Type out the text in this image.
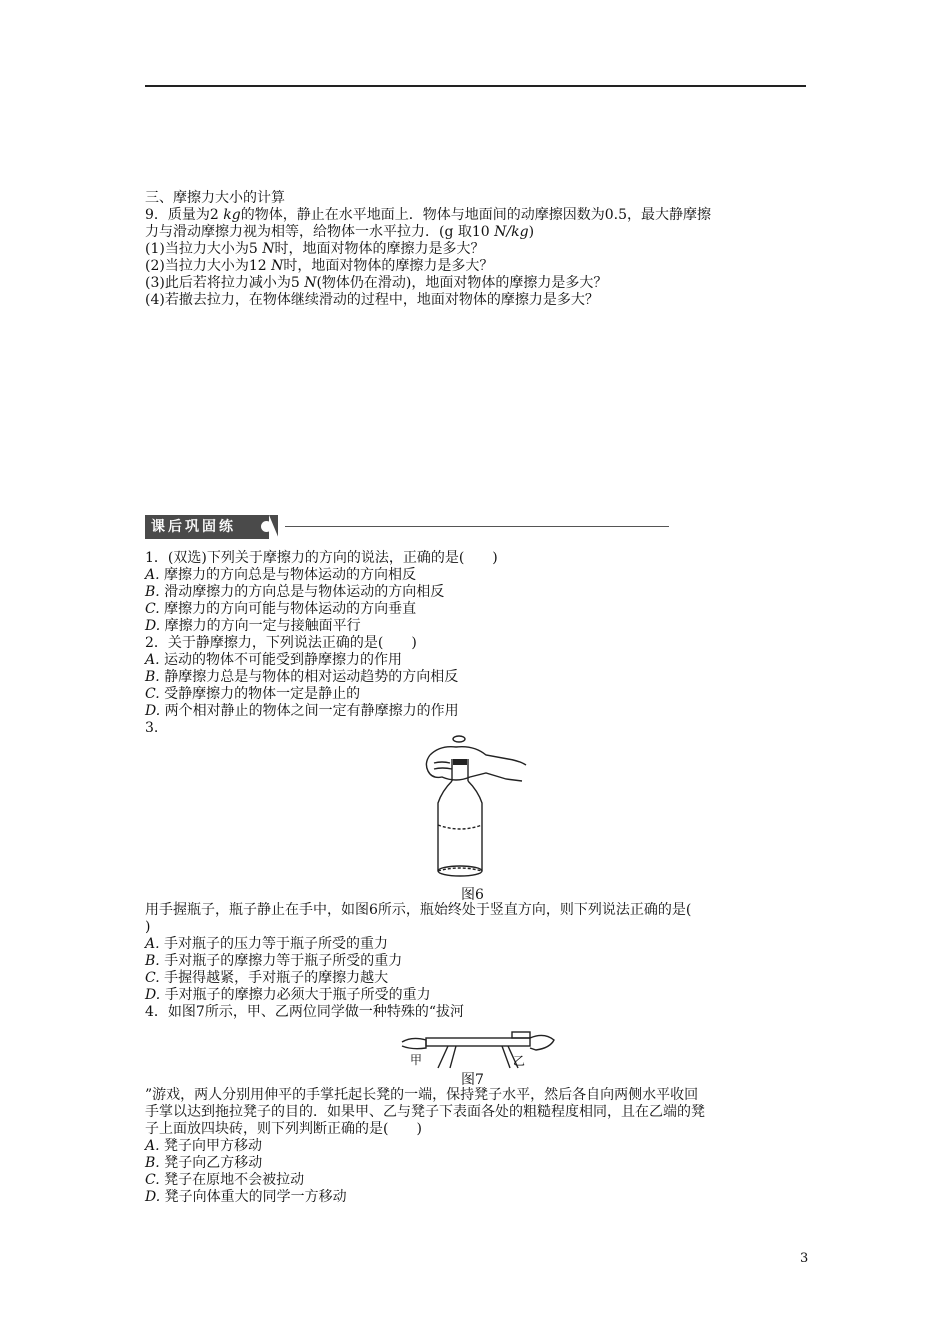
三、摩擦力大小的计算
9．质量为2 kg的物体，静止在水平地面上．物体与地面间的动摩擦因数为0.5，最大静摩擦
力与滑动摩擦力视为相等，给物体一水平拉力．(g 取10 N/kg)
(1)当拉力大小为5 N时，地面对物体的摩擦力是多大？
(2)当拉力大小为12 N时，地面对物体的摩擦力是多大？
(3)此后若将拉力减小为5 N(物体仍在滑动)，地面对物体的摩擦力是多大？
(4)若撤去拉力，在物体继续滑动的过程中，地面对物体的摩擦力是多大？
课后巩固练
1．(双选)下列关于摩擦力的方向的说法，正确的是(　　)
A. 摩擦力的方向总是与物体运动的方向相反
B. 滑动摩擦力的方向总是与物体运动的方向相反
C. 摩擦力的方向可能与物体运动的方向垂直
D. 摩擦力的方向一定与接触面平行
2．关于静摩擦力，下列说法正确的是(　　)
A. 运动的物体不可能受到静摩擦力的作用
B. 静摩擦力总是与物体的相对运动趋势的方向相反
C. 受静摩擦力的物体一定是静止的
D. 两个相对静止的物体之间一定有静摩擦力的作用
3.
图6
用手握瓶子，瓶子静止在手中，如图6所示，瓶始终处于竖直方向，则下列说法正确的是(
)
A. 手对瓶子的压力等于瓶子所受的重力
B. 手对瓶子的摩擦力等于瓶子所受的重力
C. 手握得越紧，手对瓶子的摩擦力越大
D. 手对瓶子的摩擦力必须大于瓶子所受的重力
4．如图7所示，甲、乙两位同学做一种特殊的“拔河
甲	乙
图7
”游戏，两人分别用伸平的手掌托起长凳的一端，保持凳子水平，然后各自向两侧水平收回
手掌以达到拖拉凳子的目的．如果甲、乙与凳子下表面各处的粗糙程度相同，且在乙端的凳
子上面放四块砖，则下列判断正确的是(　　)
A. 凳子向甲方移动
B. 凳子向乙方移动
C. 凳子在原地不会被拉动
D. 凳子向体重大的同学一方移动
3
